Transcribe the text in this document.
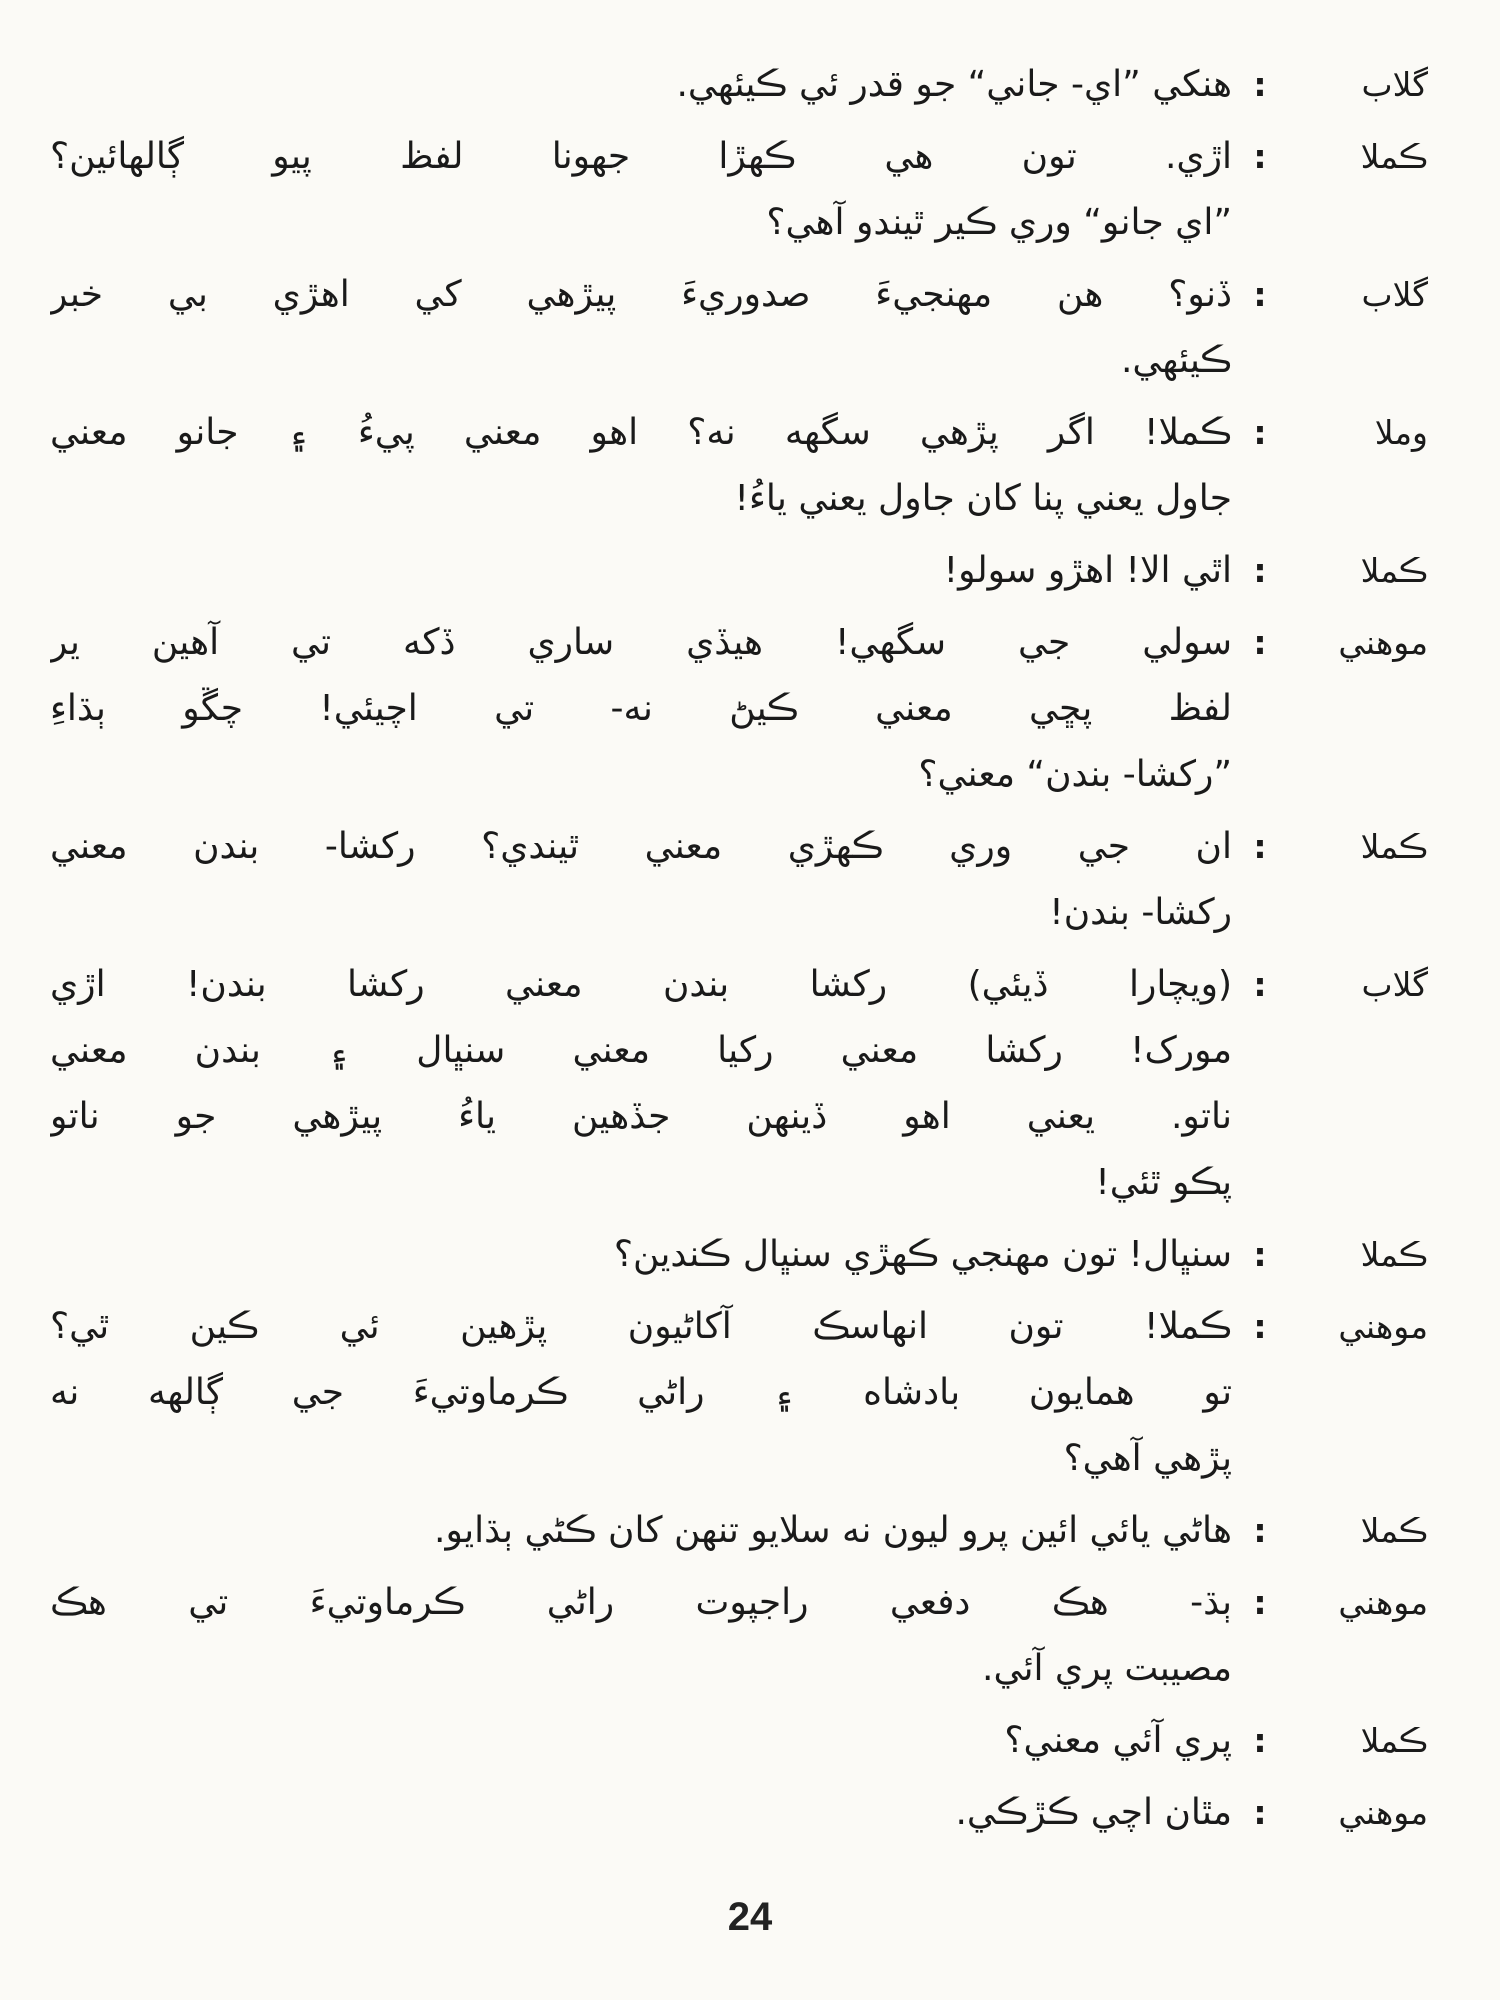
گلاب
:
هنکي ”اي- جاني“ جو قدر ئي ڪيئهي.
ڪملا
:
اڙي. تون هي ڪهڙا جهونا لفظ پيو ڳالهائين؟
”اي جانو“ وري ڪير ٿيندو آهي؟
گلاب
:
ڏنو؟ هن مهنجيءَ صدوريءَ پيڙهي کي اهڙي بي خبر
ڪيئهي.
وملا
:
ڪملا! اگر پڙهي سگهه نه؟ اهو معني پيءُ ۽ جانو معني
جاول يعني پنا کان جاول يعني ياءُ!
ڪملا
:
اٿي الا! اهڙو سولو!
موهني
:
سولي جي سگهي! هيڏي ساري ڏکه تي آهين ير
لفظ پڇي معني ڪيڻ نه- تي اچيئي! چڱو ٻڌاءِ
”رکشا- بندن“ معني؟
ڪملا
:
ان جي وري ڪهڙي معني ٿيندي؟ رکشا- بندن معني
رکشا- بندن!
گلاب
:
(ويچارا ڏيئي) رکشا بندن معني رکشا بندن! اڙي
مورک! رکشا معني رکيا معني سنڀال ۽ بندن معني
ناتو. يعني اهو ڏينهن جڏهين ياءُ پيڙهي جو ناتو
پڪو ٿئي!
ڪملا
:
سنڀال! تون مهنجي ڪهڙي سنڀال ڪندين؟
موهني
:
ڪملا! تون انهاسڪ آکاڻيون پڙهين ئي ڪين ٿي؟
تو همايون بادشاه ۽ راڻي ڪرماوتيءَ جي ڳالهه نه
پڙهي آهي؟
ڪملا
:
هاڻي يائي ائين پرو ليون نه سلايو تنهن کان ڪڻي ٻڌايو.
موهني
:
ٻڌ- هڪ دفعي راجپوت راڻي ڪرماوتيءَ تي هڪ
مصيبت پري آئي.
ڪملا
:
پري آئي معني؟
موهني
:
مٿان اچي ڪڙڪي.
24
